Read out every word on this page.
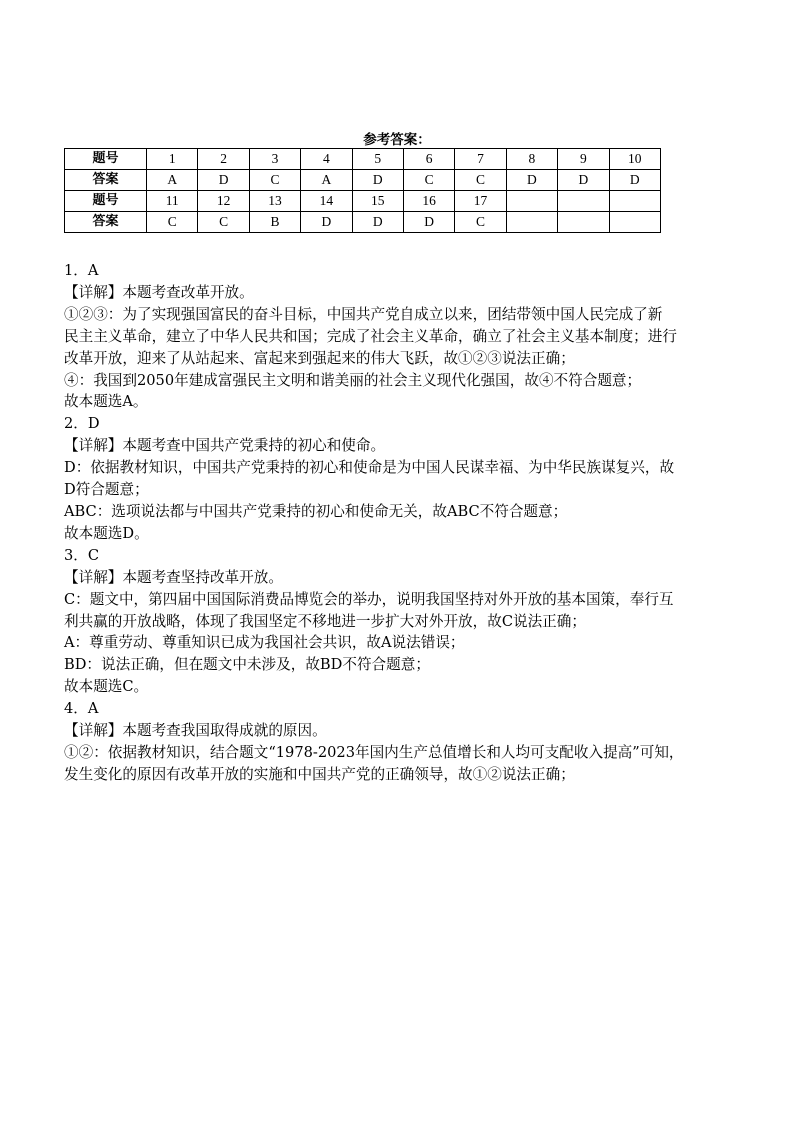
参考答案：
题号	1	2	3	4	5	6	7	8	9	10
答案	A	D	C	A	D	C	C	D	D	D
题号	11	12	13	14	15	16	17			
答案	C	C	B	D	D	D	C			
1．A
【详解】本题考查改革开放。
①②③：为了实现强国富民的奋斗目标，中国共产党自成立以来，团结带领中国人民完成了新
民主主义革命，建立了中华人民共和国；完成了社会主义革命，确立了社会主义基本制度；进行
改革开放，迎来了从站起来、富起来到强起来的伟大飞跃，故①②③说法正确；
④：我国到2050年建成富强民主文明和谐美丽的社会主义现代化强国，故④不符合题意；
故本题选A。
2．D
【详解】本题考查中国共产党秉持的初心和使命。
D：依据教材知识，中国共产党秉持的初心和使命是为中国人民谋幸福、为中华民族谋复兴，故
D符合题意；
ABC：选项说法都与中国共产党秉持的初心和使命无关，故ABC不符合题意；
故本题选D。
3．C
【详解】本题考查坚持改革开放。
C：题文中，第四届中国国际消费品博览会的举办，说明我国坚持对外开放的基本国策，奉行互
利共赢的开放战略，体现了我国坚定不移地进一步扩大对外开放，故C说法正确；
A：尊重劳动、尊重知识已成为我国社会共识，故A说法错误；
BD：说法正确，但在题文中未涉及，故BD不符合题意；
故本题选C。
4．A
【详解】本题考查我国取得成就的原因。
①②：依据教材知识，结合题文“1978-2023年国内生产总值增长和人均可支配收入提高”可知，
发生变化的原因有改革开放的实施和中国共产党的正确领导，故①②说法正确；
